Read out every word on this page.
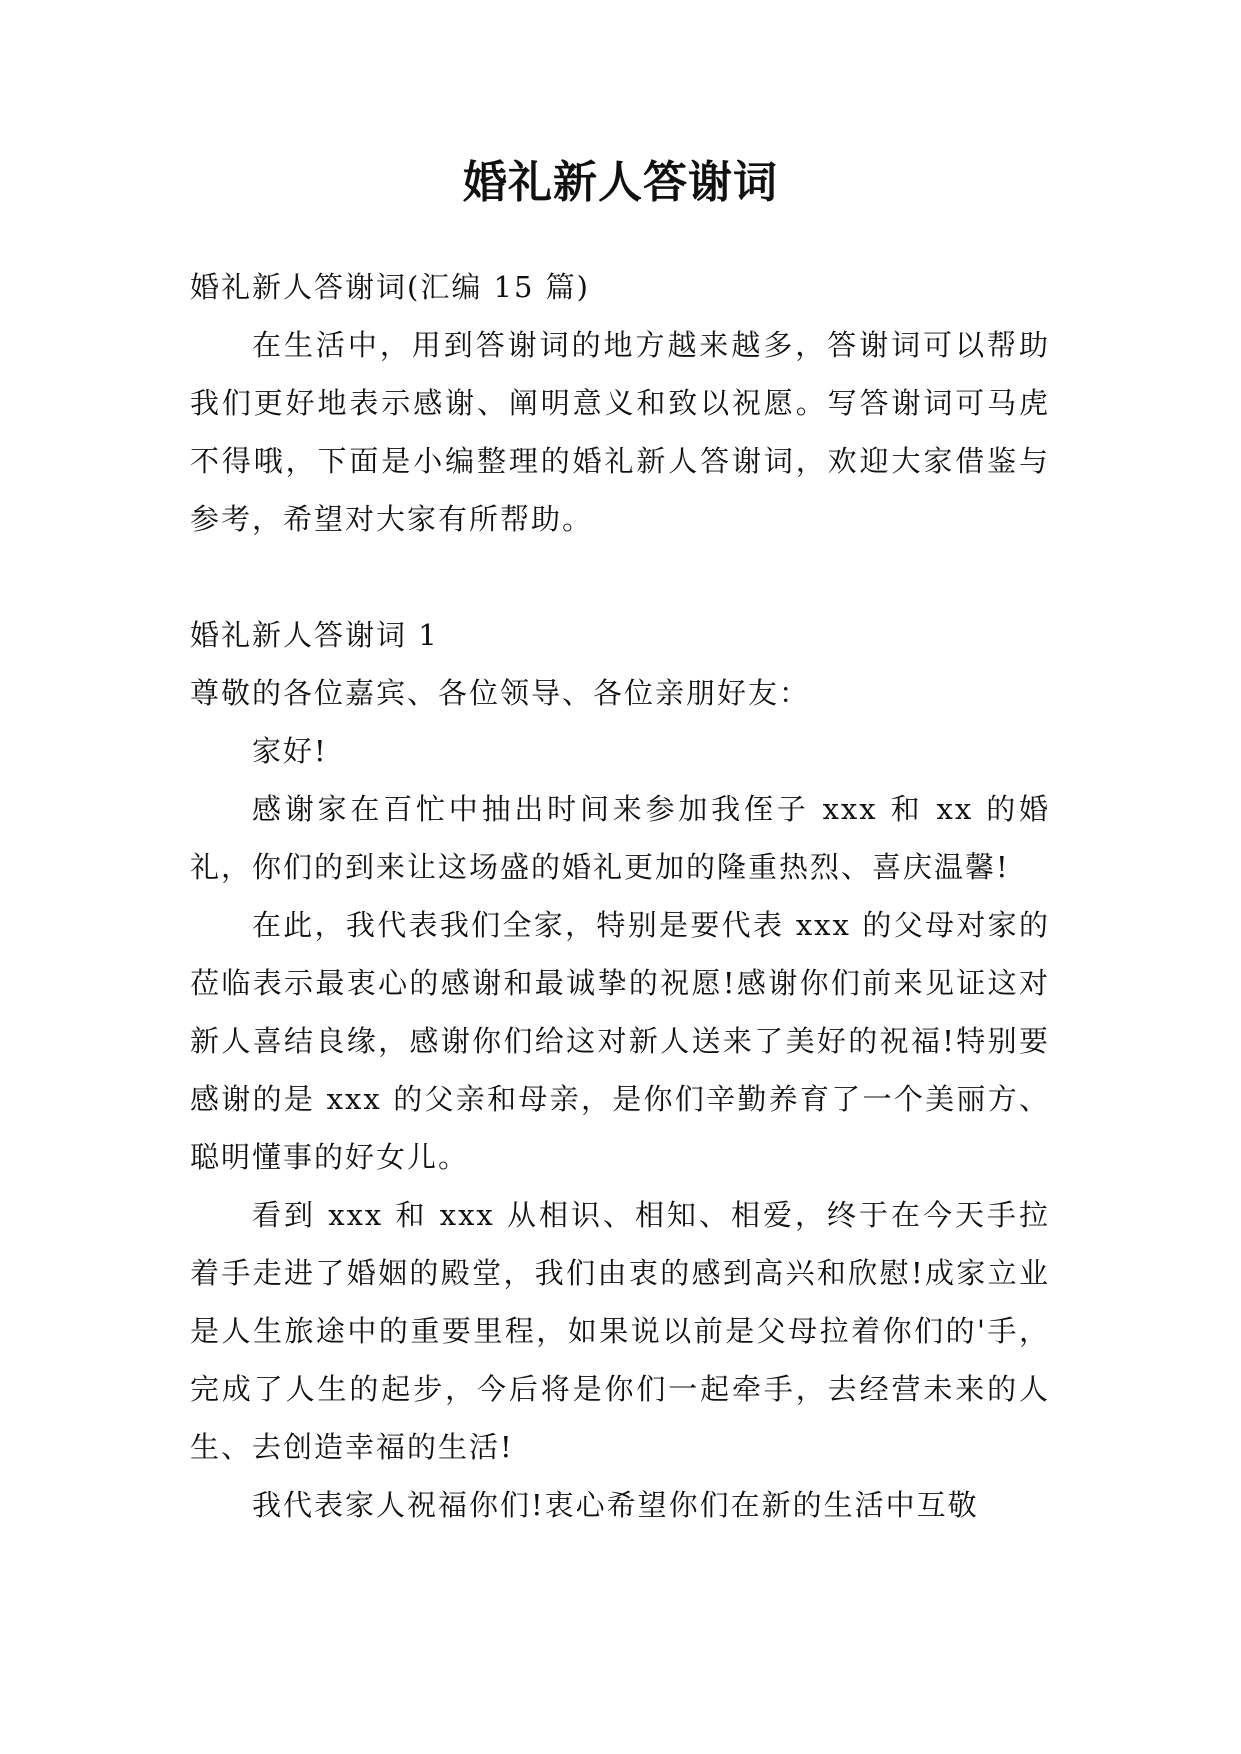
婚礼新人答谢词

婚礼新人答谢词(汇编 15 篇)

在生活中，用到答谢词的地方越来越多，答谢词可以帮助我们更好地表示感谢、阐明意义和致以祝愿。写答谢词可马虎不得哦，下面是小编整理的婚礼新人答谢词，欢迎大家借鉴与参考，希望对大家有所帮助。

婚礼新人答谢词 1

尊敬的各位嘉宾、各位领导、各位亲朋好友：

家好!

感谢家在百忙中抽出时间来参加我侄子 xxx 和 xx 的婚礼，你们的到来让这场盛的婚礼更加的隆重热烈、喜庆温馨!

在此，我代表我们全家，特别是要代表 xxx 的父母对家的莅临表示最衷心的感谢和最诚挚的祝愿!感谢你们前来见证这对新人喜结良缘，感谢你们给这对新人送来了美好的祝福!特别要感谢的是 xxx 的父亲和母亲，是你们辛勤养育了一个美丽方、聪明懂事的好女儿。

看到 xxx 和 xxx 从相识、相知、相爱，终于在今天手拉着手走进了婚姻的殿堂，我们由衷的感到高兴和欣慰!成家立业是人生旅途中的重要里程，如果说以前是父母拉着你们的'手，完成了人生的起步，今后将是你们一起牵手，去经营未来的人生、去创造幸福的生活!

我代表家人祝福你们!衷心希望你们在新的生活中互敬
